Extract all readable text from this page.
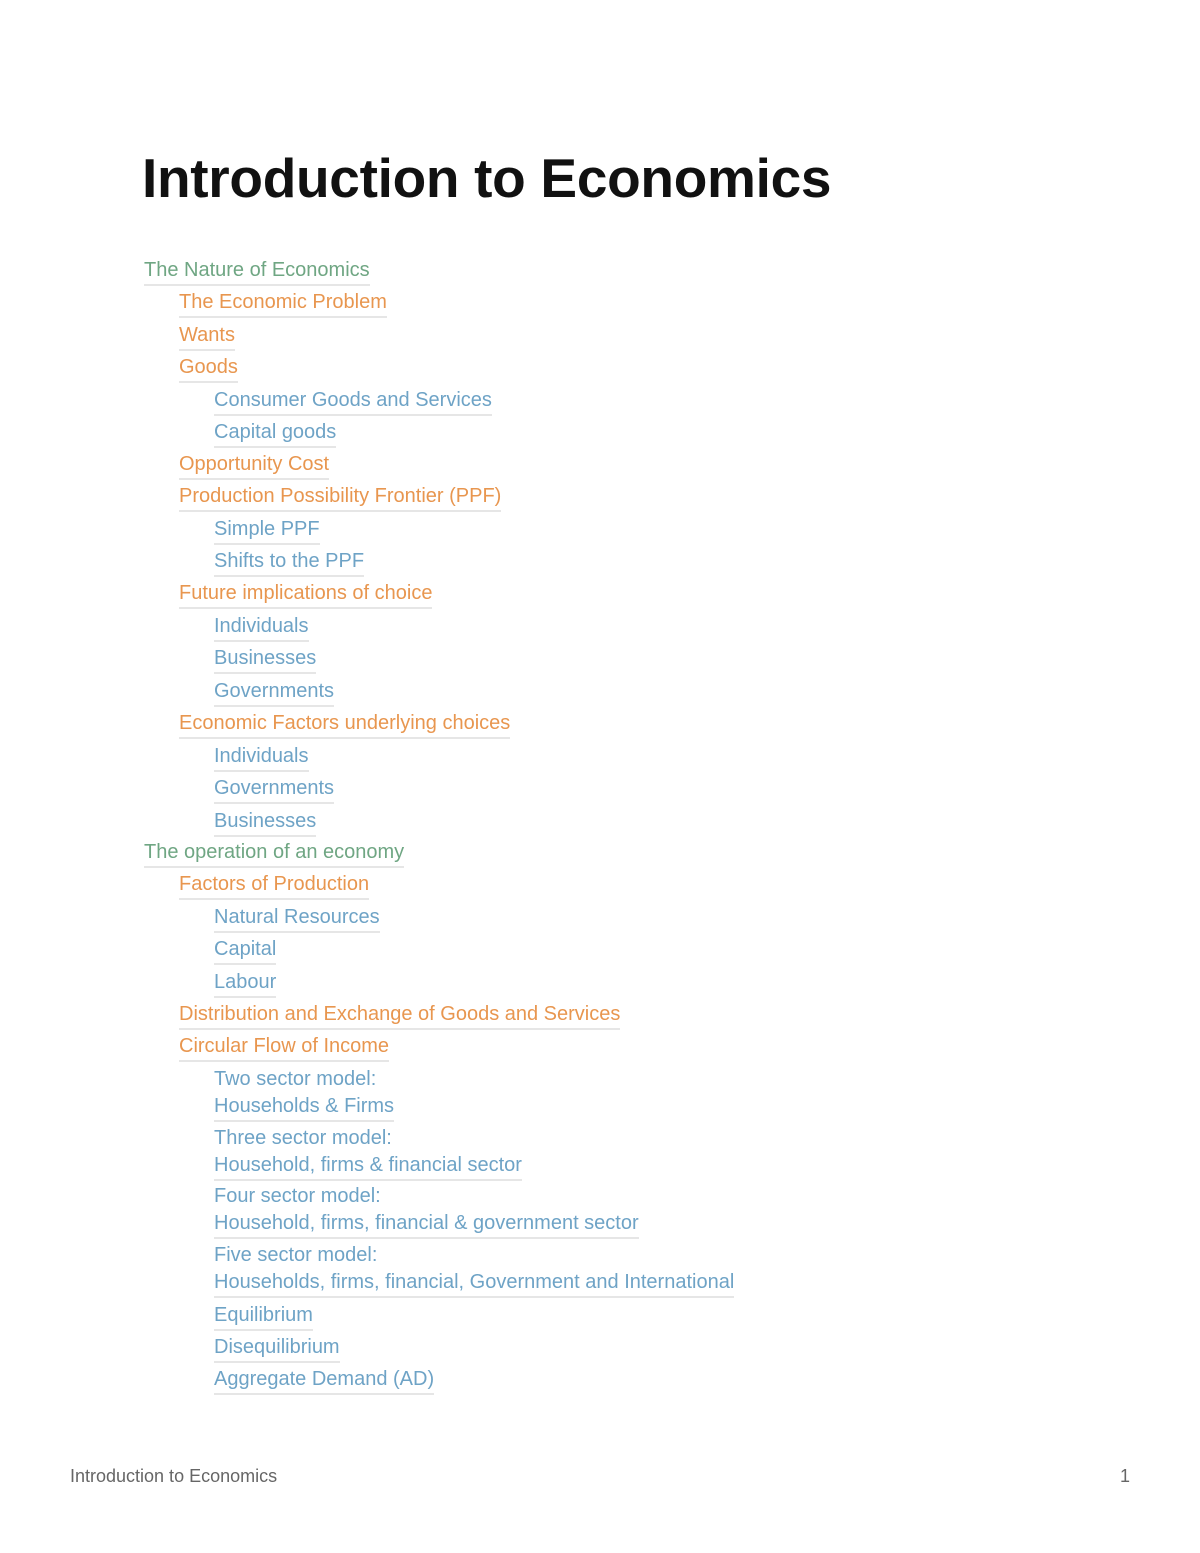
Introduction to Economics
The Nature of Economics
The Economic Problem
Wants
Goods
Consumer Goods and Services
Capital goods
Opportunity Cost
Production Possibility Frontier (PPF)
Simple PPF
Shifts to the PPF
Future implications of choice
Individuals
Businesses
Governments
Economic Factors underlying choices
Individuals
Governments
Businesses
The operation of an economy
Factors of Production
Natural Resources
Capital
Labour
Distribution and Exchange of Goods and Services
Circular Flow of Income
Two sector model:
Households & Firms
Three sector model:
Household, firms & financial sector
Four sector model:
Household, firms, financial & government sector
Five sector model:
Households, firms, financial, Government and International
Equilibrium
Disequilibrium
Aggregate Demand (AD)
Introduction to Economics	1
